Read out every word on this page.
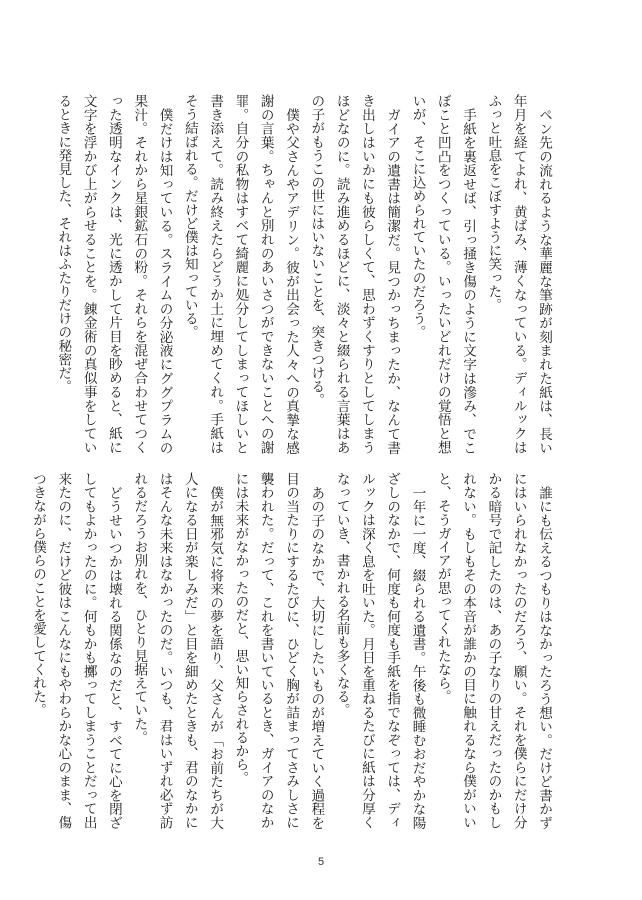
ペン先の流れるような華麗な筆跡が刻まれた紙は、長い年月を経てよれ、黄ばみ、薄くなっている。ディルックはふっと吐息をこぼすように笑った。

手紙を裏返せば、引っ掻き傷のように文字は滲み、でこぼこと凹凸をつくっている。いったいどれだけの覚悟と想いが、そこに込められていたのだろう。

ガイアの遺書は簡潔だ。見つかっちまったか、なんて書き出しはいかにも彼らしくて、思わずくすりとしてしまうほどなのに。読み進めるほどに、淡々と綴られる言葉はあの子がもうこの世にはいないことを、突きつける。

僕や父さんやアデリン。彼が出会った人々への真摯な感謝の言葉。ちゃんと別れのあいさつができないことへの謝罪。自分の私物はすべて綺麗に処分してしまってほしいと書き添えて。読み終えたらどうか土に埋めてくれ。手紙はそう結ばれる。だけど僕は知っている。

僕だけは知っている。スライムの分泌液にググプラムの果汁。それから星銀鉱石の粉。それらを混ぜ合わせてつくった透明なインクは、光に透かして片目を眇めると、紙に文字を浮かび上がらせることを。錬金術の真似事をしているときに発見した、それはふたりだけの秘密だ。

誰にも伝えるつもりはなかったろう想い。だけど書かずにはいられなかったのだろう、願い。それを僕らにだけ分かる暗号で記したのは、あの子なりの甘えだったのかもしれない。もしもその本音が誰かの目に触れるなら僕がいいと、そうガイアが思ってくれたなら。

一年に一度、綴られる遺書。午後も微睡むおだやかな陽ざしのなかで、何度も何度も手紙を指でなぞっては、ディルックは深く息を吐いた。月日を重ねるたびに紙は分厚くなっていき、書かれる名前も多くなる。

あの子のなかで、大切にしたいものが増えていく過程を目の当たりにするたびに、ひどく胸が詰まってさみしさに襲われた。だって、これを書いているとき、ガイアのなかには未来がなかったのだと、思い知らされるから。

僕が無邪気に将来の夢を語り、父さんが「お前たちが大人になる日が楽しみだ」と目を細めたときも、君のなかにはそんな未来はなかったのだ。いつも、君はいずれ必ず訪れるだろうお別れを、ひとり見据えていた。

どうせいつかは壊れる関係なのだと、すべてに心を閉ざしてもよかったのに。何もかも擲ってしまうことだって出来たのに、だけど彼はこんなにもやわらかな心のまま、傷つきながら僕らのことを愛してくれた。

5
